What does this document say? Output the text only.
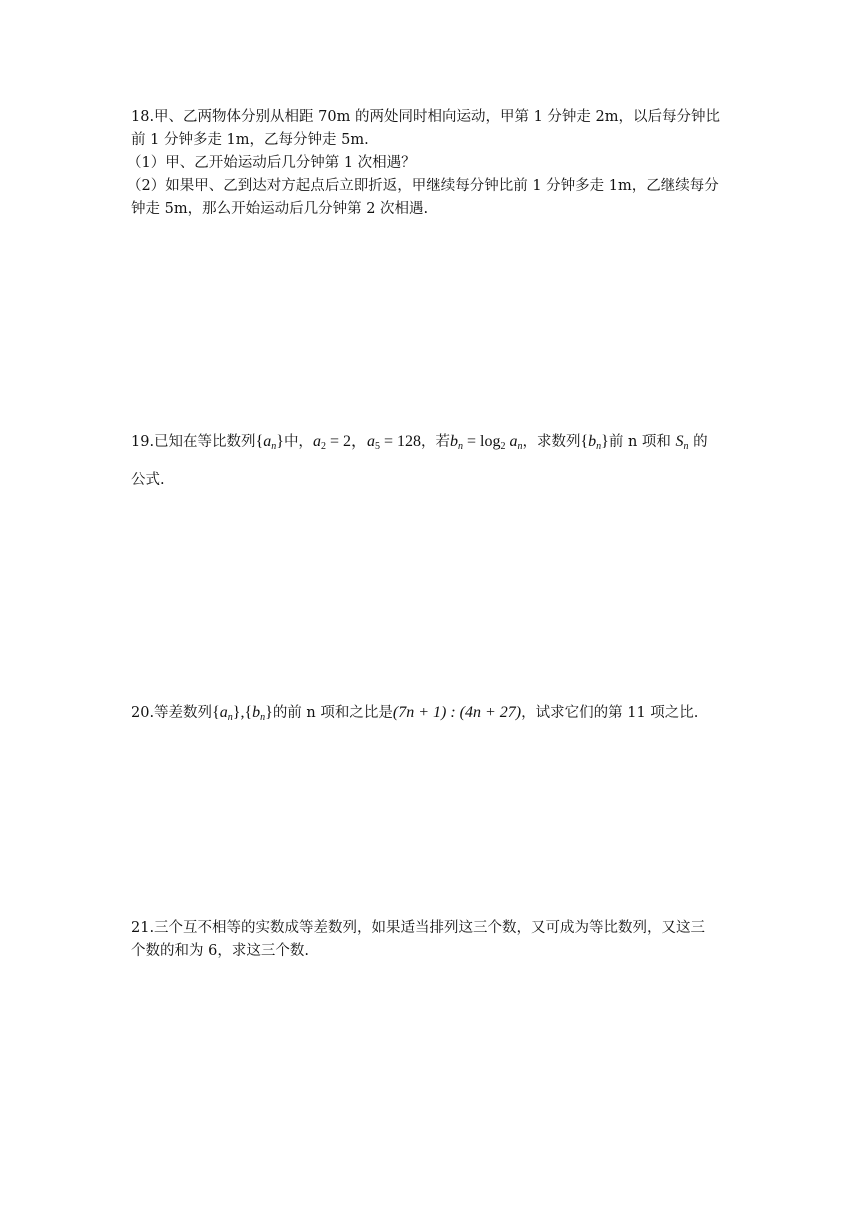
18.甲、乙两物体分别从相距 70m 的两处同时相向运动，甲第 1 分钟走 2m，以后每分钟比
前 1 分钟多走 1m，乙每分钟走 5m.
（1）甲、乙开始运动后几分钟第 1 次相遇？
（2）如果甲、乙到达对方起点后立即折返，甲继续每分钟比前 1 分钟多走 1m，乙继续每分
钟走 5m，那么开始运动后几分钟第 2 次相遇.
19.已知在等比数列$\{a_n\}$中，$a_2 = 2$，$a_5 = 128$，若$b_n = \log_2 a_n$，求数列$\{b_n\}$前 n 项和 $S_n$ 的
公式.
20.等差数列$\{a_n\},\{b_n\}$的前 n 项和之比是(7n + 1) : (4n + 27)，试求它们的第 11 项之比.
21.三个互不相等的实数成等差数列，如果适当排列这三个数，又可成为等比数列，又这三
个数的和为 6，求这三个数.
